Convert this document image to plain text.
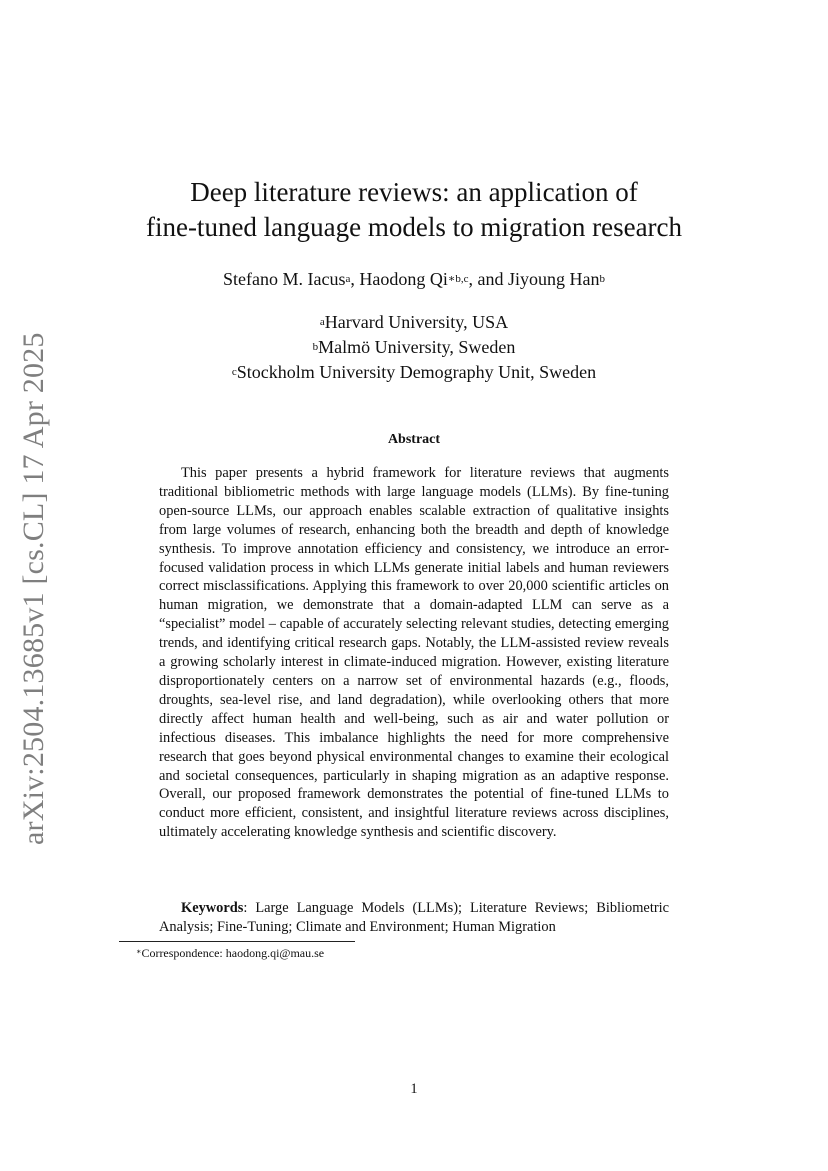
arXiv:2504.13685v1 [cs.CL] 17 Apr 2025
Deep literature reviews: an application of
fine-tuned language models to migration research
Stefano M. Iacus$^a$, Haodong $Qi^{∗b,c}$, and Jiyoung Han$^b$
$^a$Harvard University, USA
$^b$Malmö University, Sweden
$^c$Stockholm University Demography Unit, Sweden
Abstract
This paper presents a hybrid framework for literature reviews that augments traditional bibliometric methods with large language models (LLMs). By fine-tuning open-source LLMs, our approach enables scalable extraction of qualitative insights from large volumes of research, enhancing both the breadth and depth of knowledge synthesis. To improve annotation efficiency and consistency, we introduce an error-focused validation process in which LLMs generate initial labels and human reviewers correct misclassifications. Applying this framework to over 20,000 scientific articles on human migration, we demonstrate that a domain-adapted LLM can serve as a “specialist” model – capable of accurately selecting relevant studies, detecting emerging trends, and identifying critical research gaps. Notably, the LLM-assisted review reveals a growing scholarly interest in climate-induced migration. However, existing literature disproportionately centers on a narrow set of environmental hazards (e.g., floods, droughts, sea-level rise, and land degradation), while overlooking others that more directly affect human health and well-being, such as air and water pollution or infectious diseases. This imbalance highlights the need for more comprehensive research that goes beyond physical environmental changes to examine their ecological and societal consequences, particularly in shaping migration as an adaptive response. Overall, our proposed framework demonstrates the potential of fine-tuned LLMs to conduct more efficient, consistent, and insightful literature reviews across disciplines, ultimately accelerating knowledge synthesis and scientific discovery.
Keywords: Large Language Models (LLMs); Literature Reviews; Bibliometric Analysis; Fine-Tuning; Climate and Environment; Human Migration
∗Correspondence: haodong.qi@mau.se
1
